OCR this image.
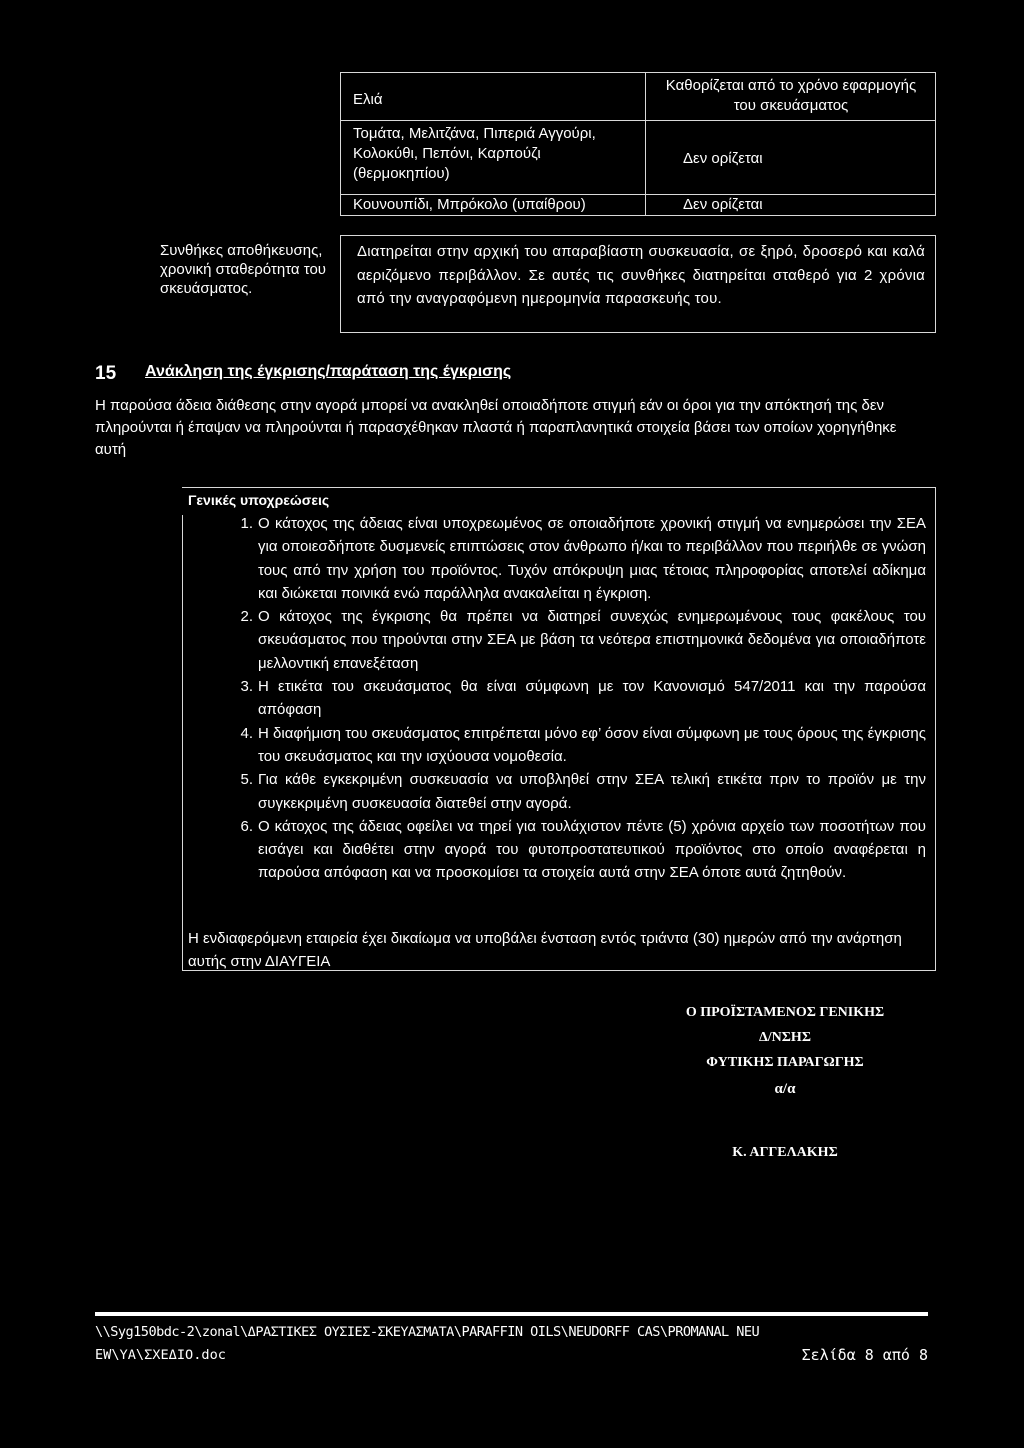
Ελιά
Καθορίζεται από το χρόνο εφαρμογής του σκευάσματος
Τομάτα, Μελιτζάνα, Πιπεριά Αγγούρι, Κολοκύθι, Πεπόνι, Καρπούζι (θερμοκηπίου)
Δεν ορίζεται
Κουνουπίδι, Μπρόκολο (υπαίθρου)	Δεν ορίζεται
Συνθήκες αποθήκευσης, χρονική σταθερότητα του σκευάσματος.
Διατηρείται στην αρχική του απαραβίαστη συσκευασία, σε ξηρό, δροσερό και καλά αεριζόμενο περιβάλλον. Σε αυτές τις συνθήκες διατηρείται σταθερό για 2 χρόνια από την αναγραφόμενη ημερομηνία παρασκευής του.
15 Ανάκληση της έγκρισης/παράταση της έγκρισης
Η παρούσα άδεια διάθεσης στην αγορά μπορεί να ανακληθεί οποιαδήποτε στιγμή εάν οι όροι για την απόκτησή της δεν πληρούνται ή έπαψαν να πληρούνται ή παρασχέθηκαν πλαστά ή παραπλανητικά στοιχεία βάσει των οποίων χορηγήθηκε αυτή
Γενικές υποχρεώσεις
1. Ο κάτοχος της άδειας είναι υποχρεωμένος σε οποιαδήποτε χρονική στιγμή να ενημερώσει την ΣΕΑ για οποιεσδήποτε δυσμενείς επιπτώσεις στον άνθρωπο ή/και το περιβάλλον που περιήλθε σε γνώση τους από την χρήση του προϊόντος. Τυχόν απόκρυψη μιας τέτοιας πληροφορίας αποτελεί αδίκημα και διώκεται ποινικά ενώ παράλληλα ανακαλείται η έγκριση.
2. Ο κάτοχος της έγκρισης θα πρέπει να διατηρεί συνεχώς ενημερωμένους τους φακέλους του σκευάσματος που τηρούνται στην ΣΕΑ με βάση τα νεότερα επιστημονικά δεδομένα για οποιαδήποτε μελλοντική επανεξέταση
3. Η ετικέτα του σκευάσματος θα είναι σύμφωνη με τον Κανονισμό 547/2011 και την παρούσα απόφαση
4. Η διαφήμιση του σκευάσματος επιτρέπεται μόνο εφ’ όσον είναι σύμφωνη με τους όρους της έγκρισης του σκευάσματος και την ισχύουσα νομοθεσία.
5. Για κάθε εγκεκριμένη συσκευασία να υποβληθεί στην ΣΕΑ τελική ετικέτα πριν το προϊόν με την συγκεκριμένη συσκευασία διατεθεί στην αγορά.
6. Ο κάτοχος της άδειας οφείλει να τηρεί για τουλάχιστον πέντε (5) χρόνια αρχείο των ποσοτήτων που εισάγει και διαθέτει στην αγορά του φυτοπροστατευτικού προϊόντος στο οποίο αναφέρεται η παρούσα απόφαση και να προσκομίσει τα στοιχεία αυτά στην ΣΕΑ όποτε αυτά ζητηθούν.
Η ενδιαφερόμενη εταιρεία έχει δικαίωμα να υποβάλει ένσταση εντός τριάντα (30) ημερών από την ανάρτηση αυτής στην ΔΙΑΥΓΕΙΑ
Ο ΠΡΟΪΣΤΑΜΕΝΟΣ ΓΕΝΙΚΗΣ
Δ/ΝΣΗΣ
ΦΥΤΙΚΗΣ ΠΑΡΑΓΩΓΗΣ
α/α
Κ. ΑΓΓΕΛΑΚΗΣ
\\Syg150bdc-2\zonal\ΔΡΑΣΤΙΚΕΣ ΟΥΣΙΕΣ-ΣΚΕΥΑΣΜΑΤΑ\PARAFFIN OILS\NEUDORFF CAS\PROMANAL NEU
EW\ΥΑ\ΣΧΕΔΙΟ.doc	Σελίδα 8 από 8
